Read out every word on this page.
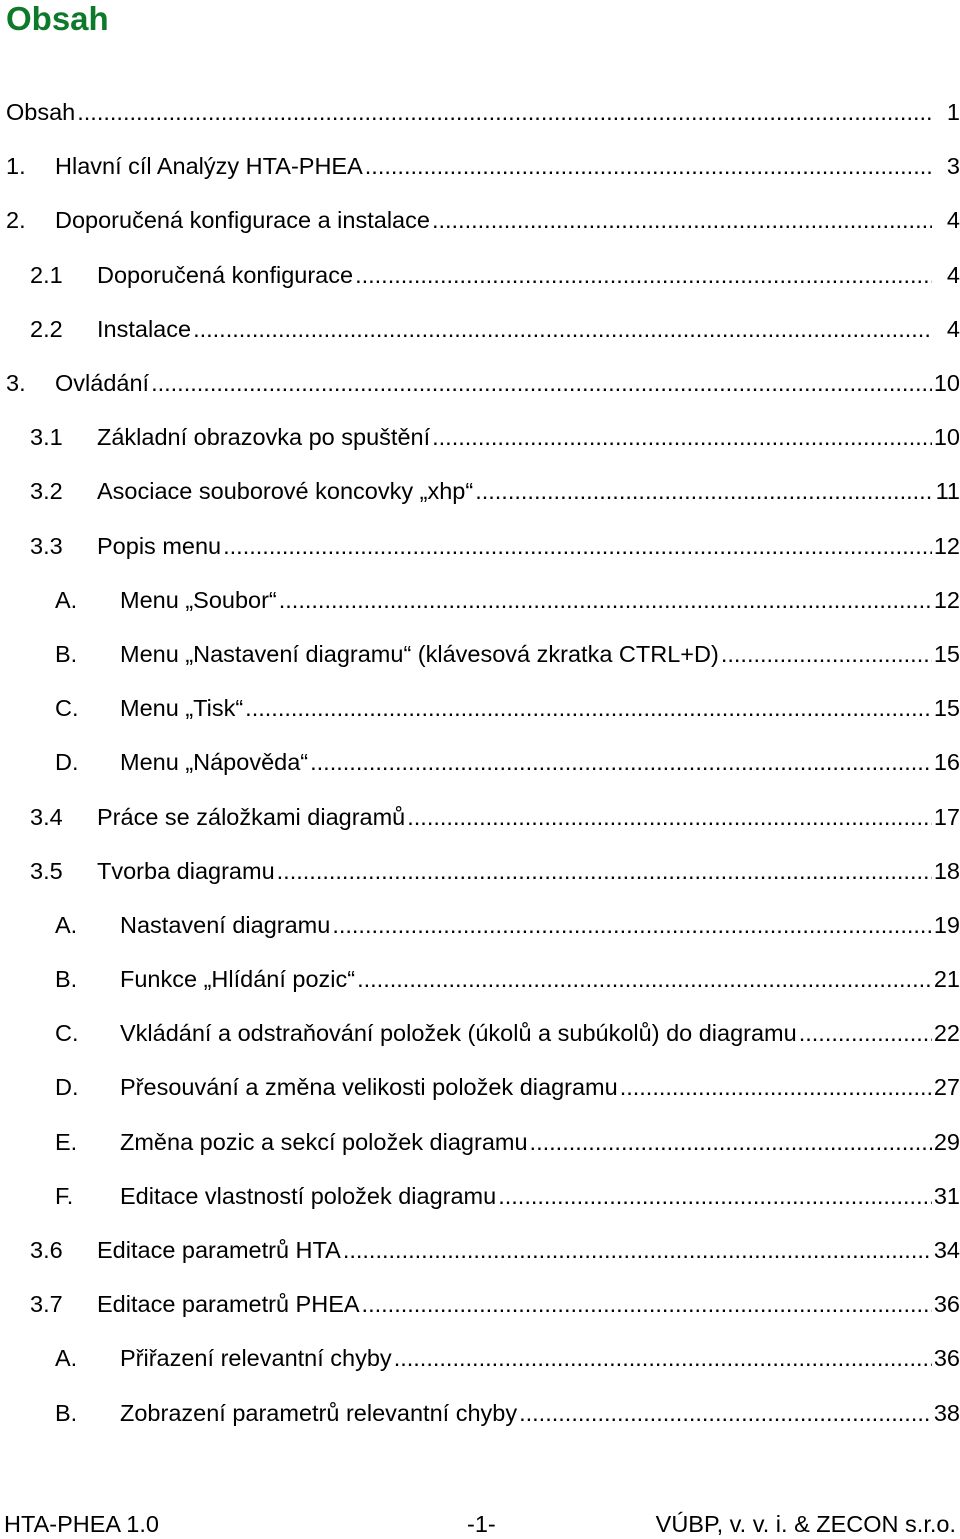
Obsah
Obsah .....	1
1. Hlavní cíl Analýzy HTA-PHEA .....	3
2. Doporučená konfigurace a instalace .....	4
2.1 Doporučená konfigurace .....	4
2.2 Instalace .....	4
3. Ovládání .....	10
3.1 Základní obrazovka po spuštění .....	10
3.2 Asociace souborové koncovky „xhp“ .....	11
3.3 Popis menu .....	12
A. Menu „Soubor“ .....	12
B. Menu „Nastavení diagramu“ (klávesová zkratka CTRL+D) .....	15
C. Menu „Tisk“ .....	15
D. Menu „Nápověda“ .....	16
3.4 Práce se záložkami diagramů .....	17
3.5 Tvorba diagramu .....	18
A. Nastavení diagramu .....	19
B. Funkce „Hlídání pozic“ .....	21
C. Vkládání a odstraňování položek (úkolů a subúkolů) do diagramu .....	22
D. Přesouvání a změna velikosti položek diagramu .....	27
E. Změna pozic a sekcí položek diagramu .....	29
F. Editace vlastností položek diagramu .....	31
3.6 Editace parametrů HTA .....	34
3.7 Editace parametrů PHEA .....	36
A. Přiřazení relevantní chyby .....	36
B. Zobrazení parametrů relevantní chyby .....	38
HTA-PHEA 1.0	-1-	VÚBP, v. v. i. & ZECON s.r.o.
